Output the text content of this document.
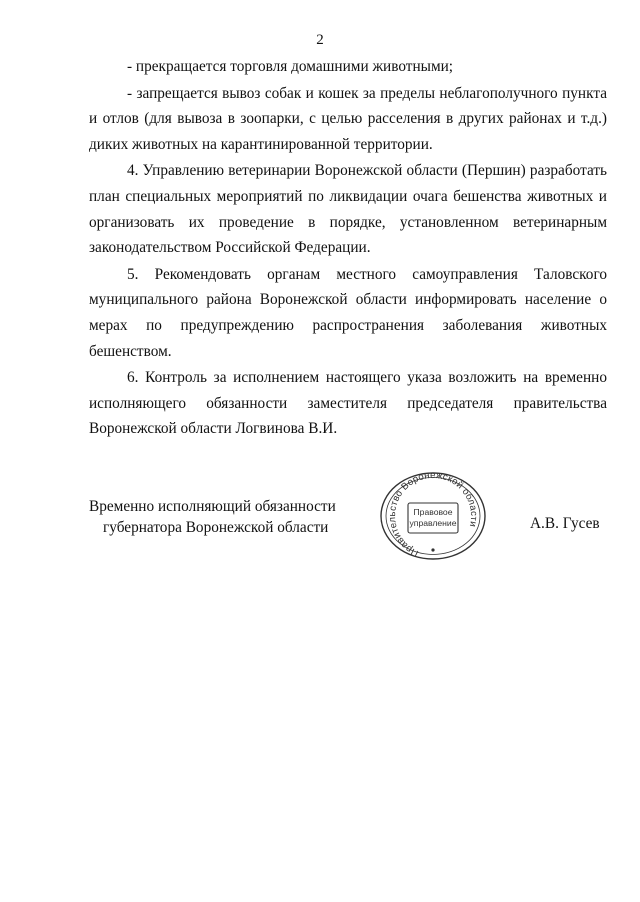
2

- прекращается торговля домашними животными;

- запрещается вывоз собак и кошек за пределы неблагополучного пункта и отлов (для вывоза в зоопарки, с целью расселения в других районах и т.д.) диких животных на карантинированной территории.

4. Управлению ветеринарии Воронежской области (Першин) разработать план специальных мероприятий по ликвидации очага бешенства животных и организовать их проведение в порядке, установленном ветеринарным законодательством Российской Федерации.

5. Рекомендовать органам местного самоуправления Таловского муниципального района Воронежской области информировать население о мерах по предупреждению распространения заболевания животных бешенством.

6. Контроль за исполнением настоящего указа возложить на временно исполняющего обязанности заместителя председателя правительства Воронежской области Логвинова В.И.

Временно исполняющий обязанности
губернатора Воронежской области
Правительство Воронежской области
Правовое
управление	А.В. Гусев
